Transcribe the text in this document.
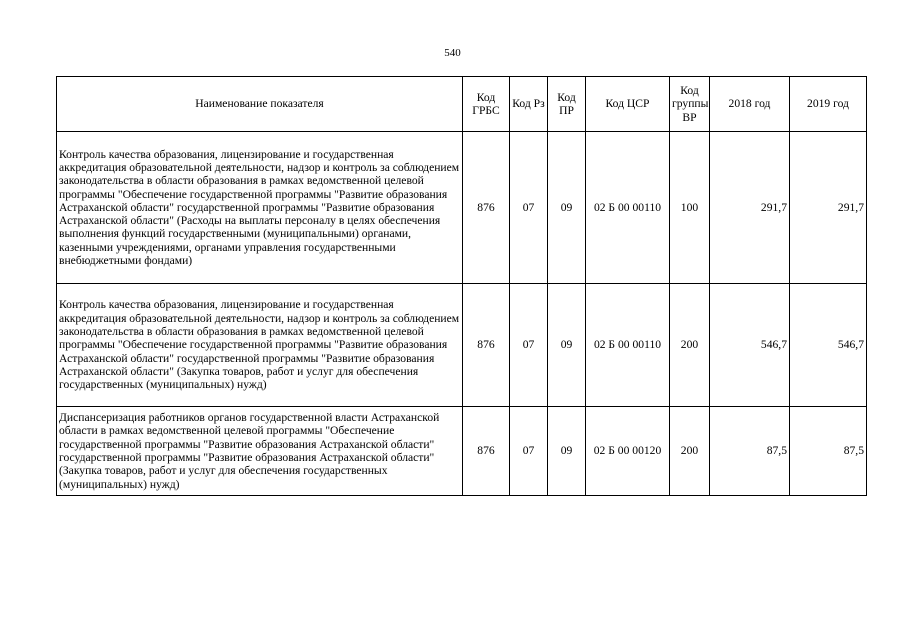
540
Наименование показателя	Код ГРБС	Код Рз	Код ПР	Код ЦСР	Код группы ВР	2018 год	2019 год
Контроль качества образования, лицензирование и государственная аккредитация образовательной деятельности, надзор и контроль за соблюдением законодательства в области образования в рамках ведомственной целевой программы "Обеспечение государственной программы "Развитие образования Астраханской области" государственной программы "Развитие образования Астраханской области" (Расходы на выплаты персоналу в целях обеспечения выполнения функций государственными (муниципальными) органами, казенными учреждениями, органами управления государственными внебюджетными фондами)	876	07	09	02 Б 00 00110	100	291,7	291,7
Контроль качества образования, лицензирование и государственная аккредитация образовательной деятельности, надзор и контроль за соблюдением законодательства в области образования в рамках ведомственной целевой программы "Обеспечение государственной программы "Развитие образования Астраханской области" государственной программы "Развитие образования Астраханской области" (Закупка товаров, работ и услуг для обеспечения государственных (муниципальных) нужд)	876	07	09	02 Б 00 00110	200	546,7	546,7
Диспансеризация работников органов государственной власти Астраханской области в рамках ведомственной целевой программы "Обеспечение государственной программы "Развитие образования Астраханской области" государственной программы "Развитие образования Астраханской области" (Закупка товаров, работ и услуг для обеспечения государственных (муниципальных) нужд)	876	07	09	02 Б 00 00120	200	87,5	87,5
